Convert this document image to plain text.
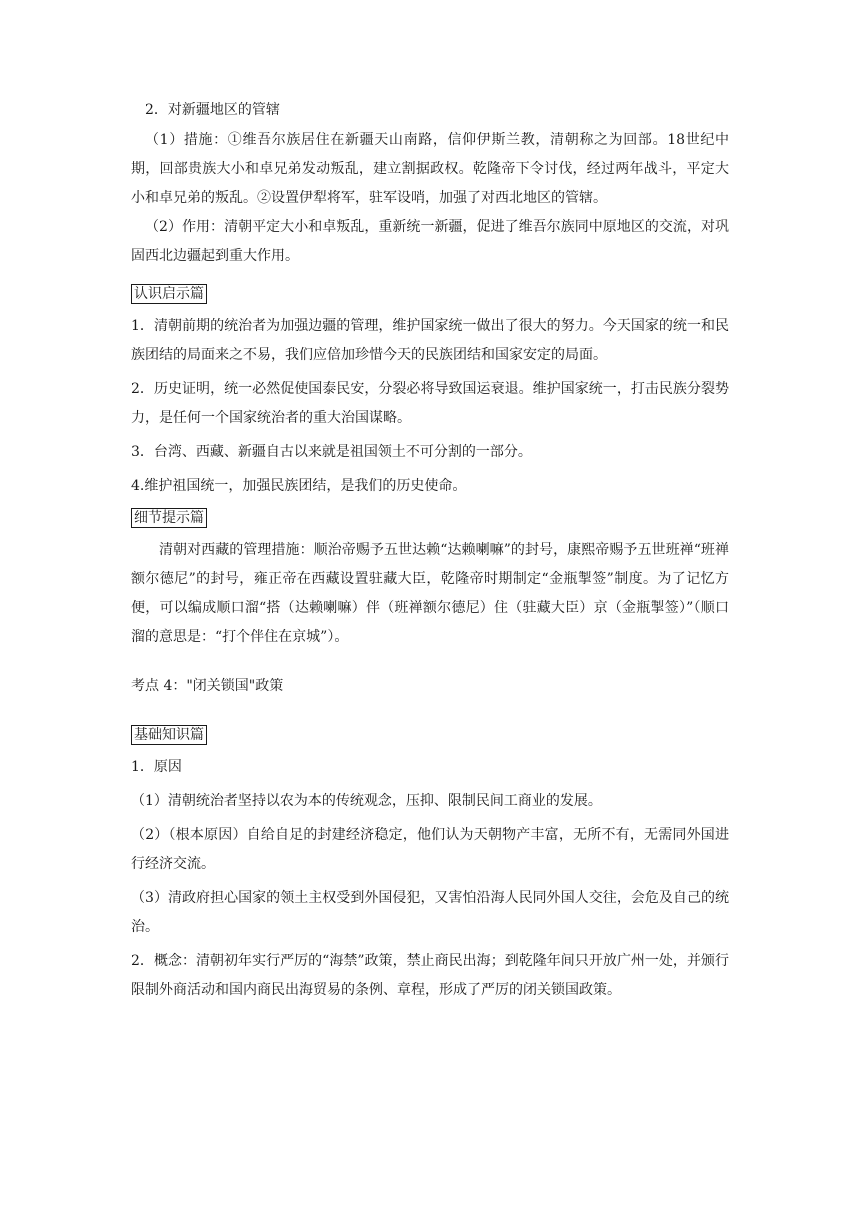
2．对新疆地区的管辖

（1）措施：①维吾尔族居住在新疆天山南路，信仰伊斯兰教，清朝称之为回部。18世纪中期，回部贵族大小和卓兄弟发动叛乱，建立割据政权。乾隆帝下令讨伐，经过两年战斗，平定大小和卓兄弟的叛乱。②设置伊犁将军，驻军设哨，加强了对西北地区的管辖。

（2）作用：清朝平定大小和卓叛乱，重新统一新疆，促进了维吾尔族同中原地区的交流，对巩固西北边疆起到重大作用。

认识启示篇

1．清朝前期的统治者为加强边疆的管理，维护国家统一做出了很大的努力。今天国家的统一和民族团结的局面来之不易，我们应倍加珍惜今天的民族团结和国家安定的局面。

2．历史证明，统一必然促使国泰民安，分裂必将导致国运衰退。维护国家统一，打击民族分裂势力，是任何一个国家统治者的重大治国谋略。

3．台湾、西藏、新疆自古以来就是祖国领土不可分割的一部分。

4.维护祖国统一，加强民族团结，是我们的历史使命。

细节提示篇

清朝对西藏的管理措施：顺治帝赐予五世达赖“达赖喇嘛”的封号，康熙帝赐予五世班禅“班禅额尔德尼”的封号，雍正帝在西藏设置驻藏大臣，乾隆帝时期制定“金瓶掣签”制度。为了记忆方便，可以编成顺口溜“搭（达赖喇嘛）伴（班禅额尔德尼）住（驻藏大臣）京（金瓶掣签）”（顺口溜的意思是：“打个伴住在京城”）。

考点 4："闭关锁国"政策

基础知识篇

1．原因

（1）清朝统治者坚持以农为本的传统观念，压抑、限制民间工商业的发展。

（2）（根本原因）自给自足的封建经济稳定，他们认为天朝物产丰富，无所不有，无需同外国进行经济交流。

（3）清政府担心国家的领土主权受到外国侵犯，又害怕沿海人民同外国人交往，会危及自己的统治。

2．概念：清朝初年实行严厉的“海禁”政策，禁止商民出海；到乾隆年间只开放广州一处，并颁行限制外商活动和国内商民出海贸易的条例、章程，形成了严厉的闭关锁国政策。
